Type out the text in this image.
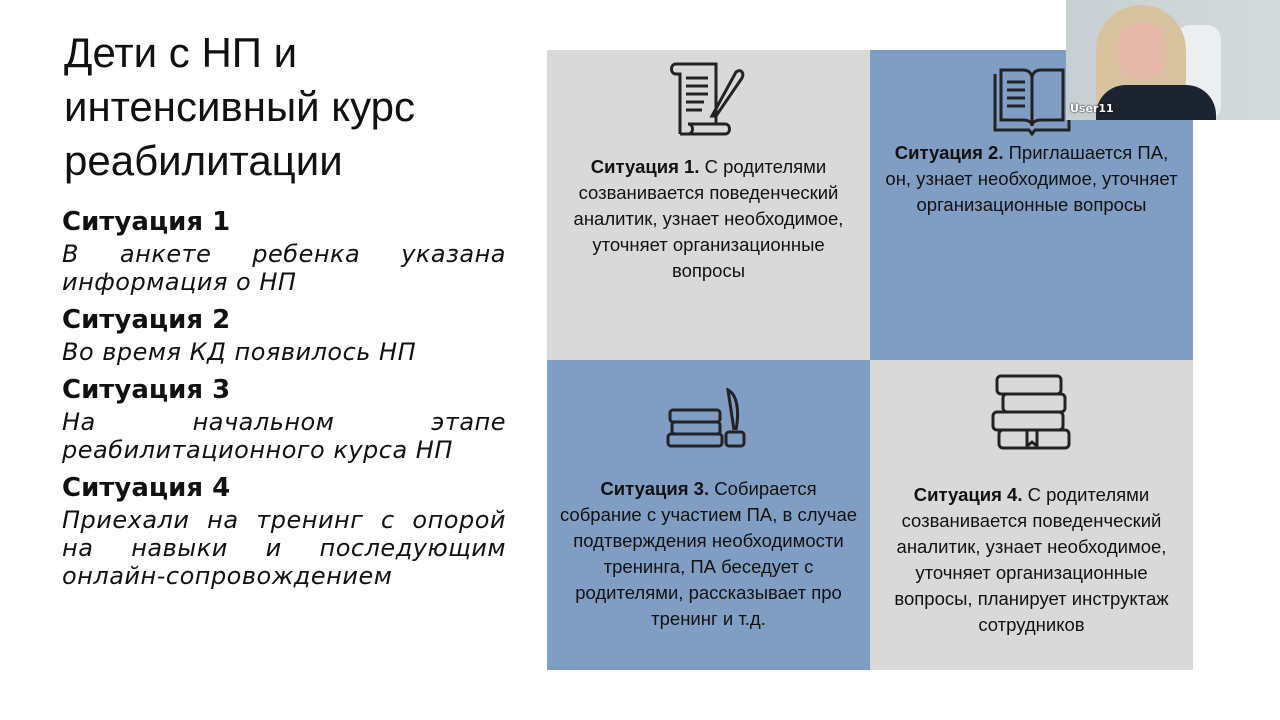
Дети с НП и интенсивный курс реабилитации
Ситуация 1
В анкете ребенка указана информация о НП
Ситуация 2
Во время КД появилось НП
Ситуация 3
На начальном этапе реабилитационного курса НП
Ситуация 4
Приехали на тренинг с опорой на навыки и последующим онлайн-сопровождением
Ситуация 1. С родителями созванивается поведенческий аналитик, узнает необходимое, уточняет организационные вопросы
Ситуация 2. Приглашается ПА, он, узнает необходимое, уточняет организационные вопросы
Ситуация 3. Собирается собрание с участием ПА, в случае подтверждения необходимости тренинга, ПА беседует с родителями, рассказывает про тренинг и т.д.
Ситуация 4. С родителями созванивается поведенческий аналитик, узнает необходимое, уточняет организационные вопросы, планирует инструктаж сотрудников
User11
